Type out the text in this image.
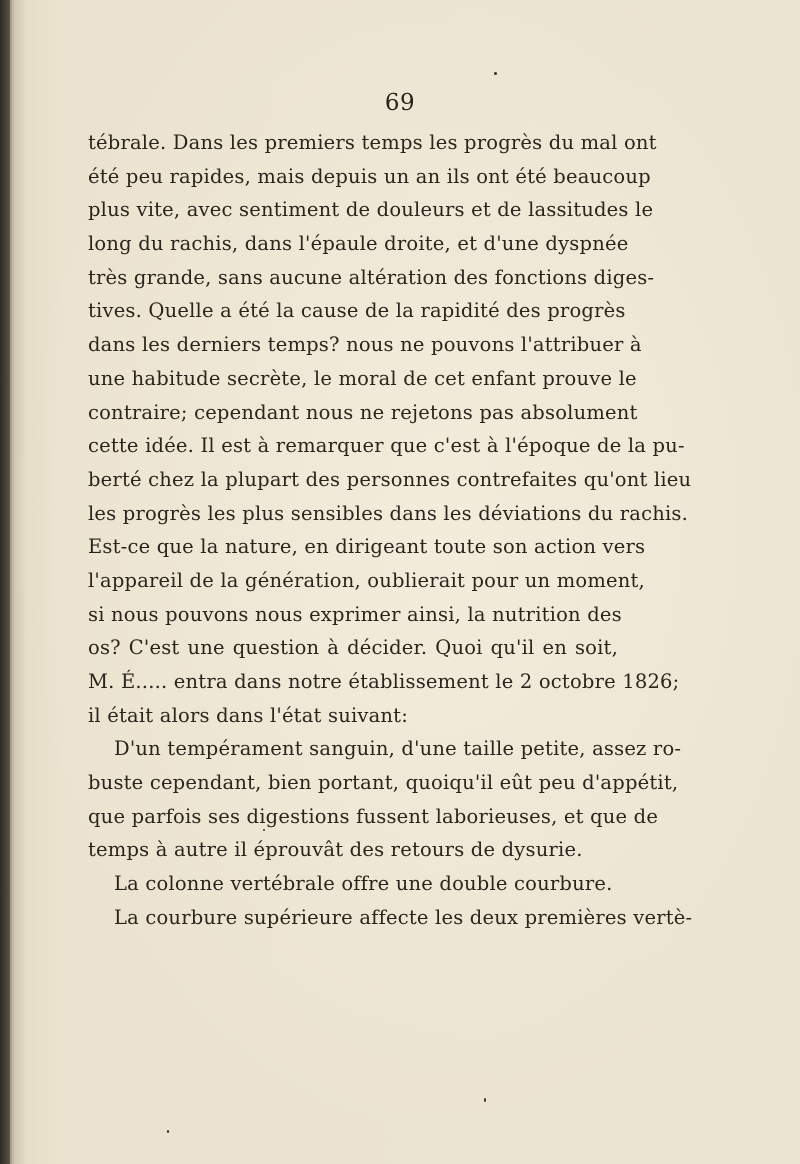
69
tébrale. Dans les premiers temps les progrès du mal ont
été peu rapides, mais depuis un an ils ont été beaucoup
plus vite, avec sentiment de douleurs et de lassitudes le
long du rachis, dans l'épaule droite, et d'une dyspnée
très grande, sans aucune altération des fonctions diges-
tives. Quelle a été la cause de la rapidité des progrès
dans les derniers temps? nous ne pouvons l'attribuer à
une habitude secrète, le moral de cet enfant prouve le
contraire; cependant nous ne rejetons pas absolument
cette idée. Il est à remarquer que c'est à l'époque de la pu-
berté chez la plupart des personnes contrefaites qu'ont lieu
les progrès les plus sensibles dans les déviations du rachis.
Est-ce que la nature, en dirigeant toute son action vers
l'appareil de la génération, oublierait pour un moment,
si nous pouvons nous exprimer ainsi, la nutrition des
os? C'est une question à décider. Quoi qu'il en soit,
M. É..... entra dans notre établissement le 2 octobre 1826;
il était alors dans l'état suivant:
D'un tempérament sanguin, d'une taille petite, assez ro-
buste cependant, bien portant, quoiqu'il eût peu d'appétit,
que parfois ses digestions fussent laborieuses, et que de
temps à autre il éprouvât des retours de dysurie.
La colonne vertébrale offre une double courbure.
La courbure supérieure affecte les deux premières vertè-
